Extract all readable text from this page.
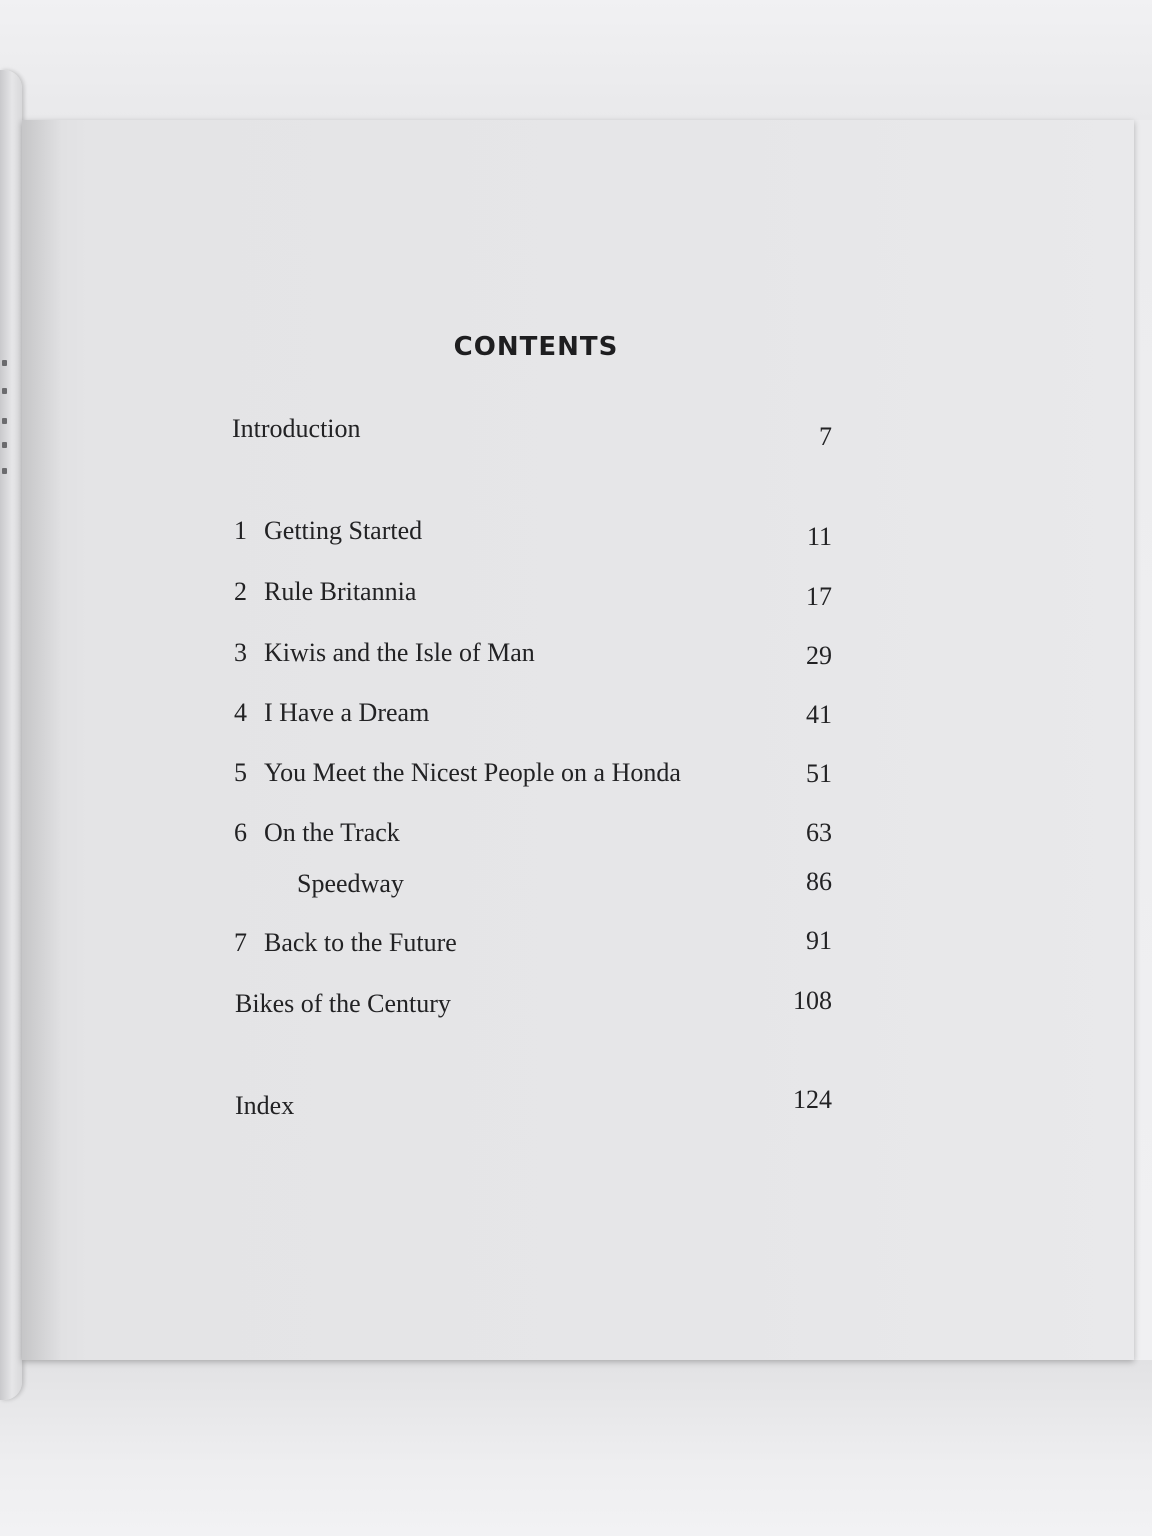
CONTENTS
Introduction	7
1 Getting Started	11
2 Rule Britannia	17
3 Kiwis and the Isle of Man	29
4 I Have a Dream	41
5 You Meet the Nicest People on a Honda	51
6 On the Track	63
Speedway	86
7 Back to the Future	91
Bikes of the Century	108
Index	124
